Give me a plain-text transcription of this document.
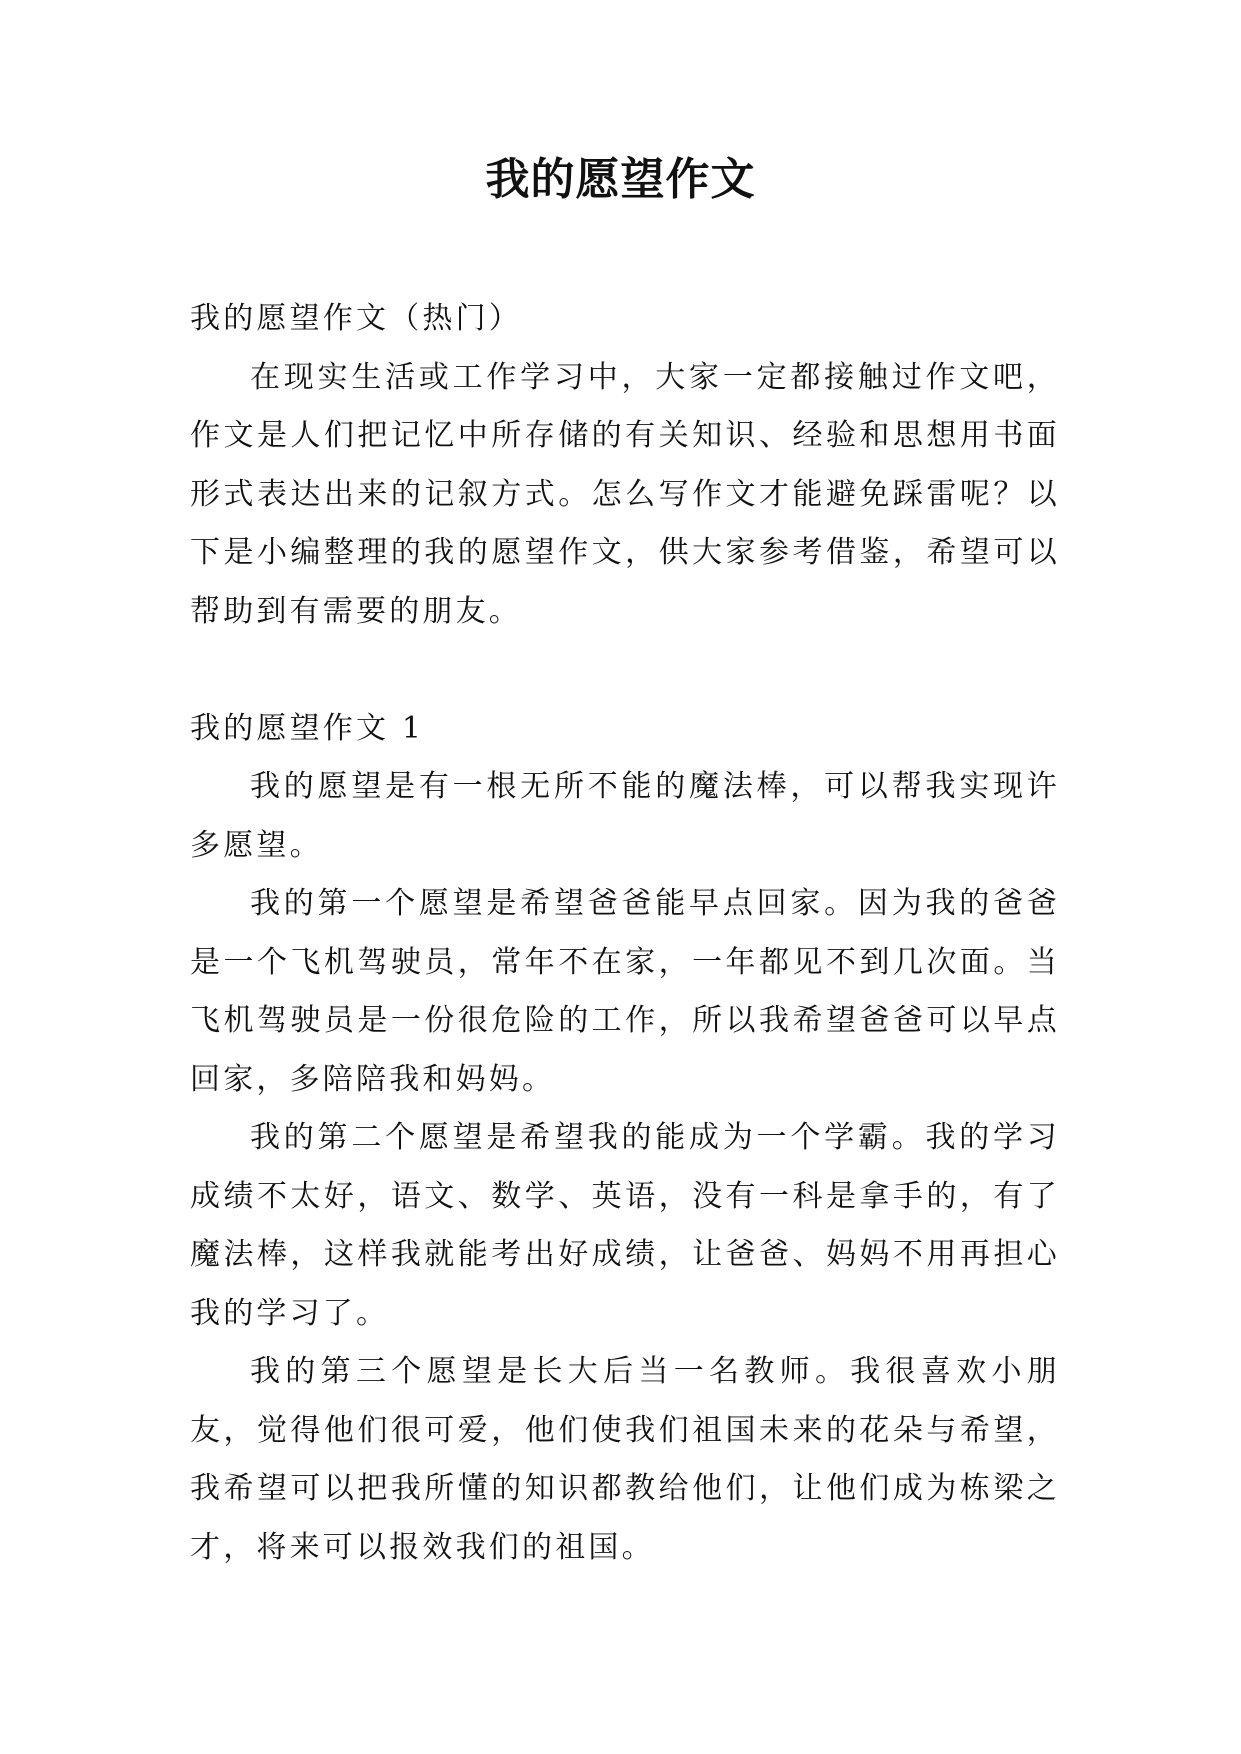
我的愿望作文

我的愿望作文（热门）

在现实生活或工作学习中，大家一定都接触过作文吧，作文是人们把记忆中所存储的有关知识、经验和思想用书面形式表达出来的记叙方式。怎么写作文才能避免踩雷呢？以下是小编整理的我的愿望作文，供大家参考借鉴，希望可以帮助到有需要的朋友。

我的愿望作文 1

我的愿望是有一根无所不能的魔法棒，可以帮我实现许多愿望。

我的第一个愿望是希望爸爸能早点回家。因为我的爸爸是一个飞机驾驶员，常年不在家，一年都见不到几次面。当飞机驾驶员是一份很危险的工作，所以我希望爸爸可以早点回家，多陪陪我和妈妈。

我的第二个愿望是希望我的能成为一个学霸。我的学习成绩不太好，语文、数学、英语，没有一科是拿手的，有了魔法棒，这样我就能考出好成绩，让爸爸、妈妈不用再担心我的学习了。

我的第三个愿望是长大后当一名教师。我很喜欢小朋友，觉得他们很可爱，他们使我们祖国未来的花朵与希望，我希望可以把我所懂的知识都教给他们，让他们成为栋梁之才，将来可以报效我们的祖国。
